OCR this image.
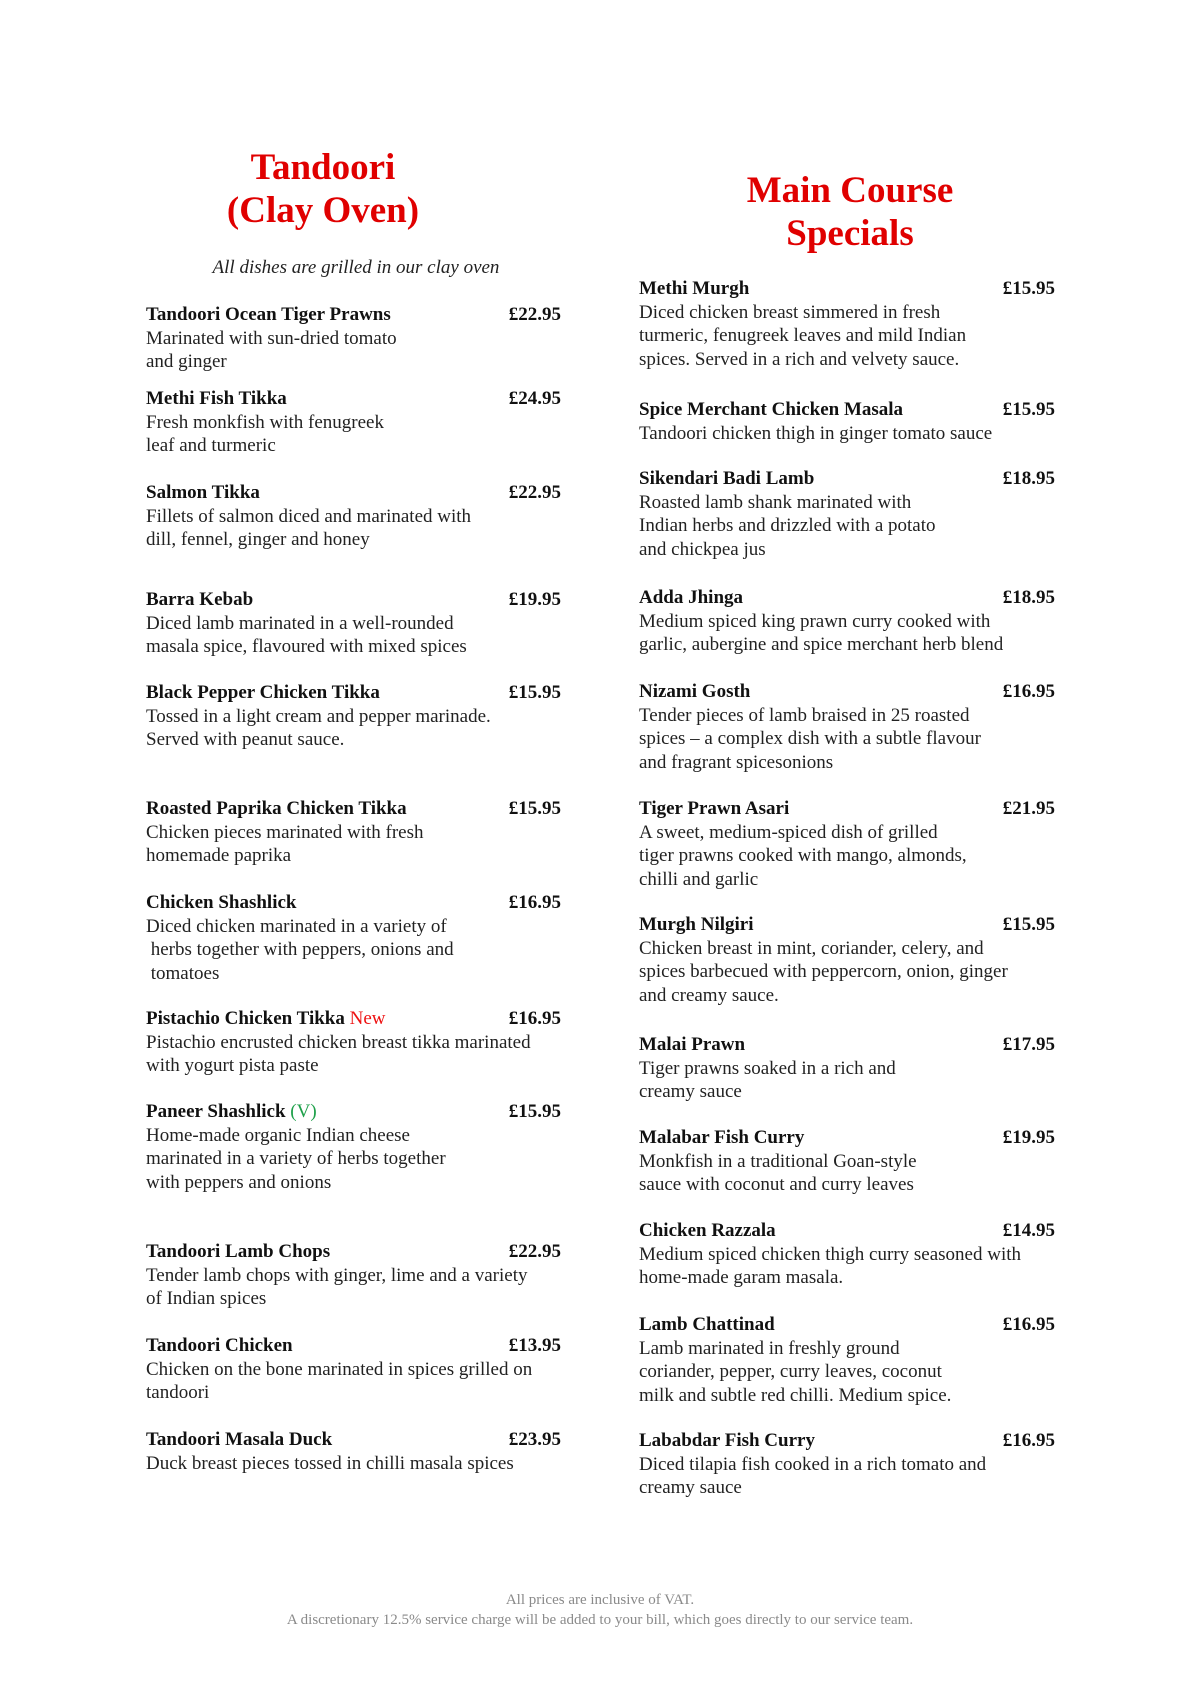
Tandoori
(Clay Oven)
All dishes are grilled in our clay oven
Main Course
Specials
Tandoori Ocean Tiger Prawns	£22.95
Marinated with sun-dried tomato
and ginger
Methi Fish Tikka	£24.95
Fresh monkfish with fenugreek
leaf and turmeric
Salmon Tikka	£22.95
Fillets of salmon diced and marinated with
dill, fennel, ginger and honey
Barra Kebab	£19.95
Diced lamb marinated in a well-rounded
masala spice, flavoured with mixed spices
Black Pepper Chicken Tikka	£15.95
Tossed in a light cream and pepper marinade.
Served with peanut sauce.
Roasted Paprika Chicken Tikka	£15.95
Chicken pieces marinated with fresh
homemade paprika
Chicken Shashlick	£16.95
Diced chicken marinated in a variety of
herbs together with peppers, onions and
tomatoes
Pistachio Chicken Tikka New	£16.95
Pistachio encrusted chicken breast tikka marinated
with yogurt pista paste
Paneer Shashlick (V)	£15.95
Home-made organic Indian cheese
marinated in a variety of herbs together
with peppers and onions
Tandoori Lamb Chops	£22.95
Tender lamb chops with ginger, lime and a variety
of Indian spices
Tandoori Chicken	£13.95
Chicken on the bone marinated in spices grilled on
tandoori
Tandoori Masala Duck	£23.95
Duck breast pieces tossed in chilli masala spices
Methi Murgh	£15.95
Diced chicken breast simmered in fresh
turmeric, fenugreek leaves and mild Indian
spices. Served in a rich and velvety sauce.
Spice Merchant Chicken Masala	£15.95
Tandoori chicken thigh in ginger tomato sauce
Sikendari Badi Lamb	£18.95
Roasted lamb shank marinated with
Indian herbs and drizzled with a potato
and chickpea jus
Adda Jhinga	£18.95
Medium spiced king prawn curry cooked with
garlic, aubergine and spice merchant herb blend
Nizami Gosth	£16.95
Tender pieces of lamb braised in 25 roasted
spices – a complex dish with a subtle flavour
and fragrant spicesonions
Tiger Prawn Asari	£21.95
A sweet, medium-spiced dish of grilled
tiger prawns cooked with mango, almonds,
chilli and garlic
Murgh Nilgiri	£15.95
Chicken breast in mint, coriander, celery, and
spices barbecued with peppercorn, onion, ginger
and creamy sauce.
Malai Prawn	£17.95
Tiger prawns soaked in a rich and
creamy sauce
Malabar Fish Curry	£19.95
Monkfish in a traditional Goan-style
sauce with coconut and curry leaves
Chicken Razzala	£14.95
Medium spiced chicken thigh curry seasoned with
home-made garam masala.
Lamb Chattinad	£16.95
Lamb marinated in freshly ground
coriander, pepper, curry leaves, coconut
milk and subtle red chilli. Medium spice.
Lababdar Fish Curry	£16.95
Diced tilapia fish cooked in a rich tomato and
creamy sauce
All prices are inclusive of VAT.
A discretionary 12.5% service charge will be added to your bill, which goes directly to our service team.
